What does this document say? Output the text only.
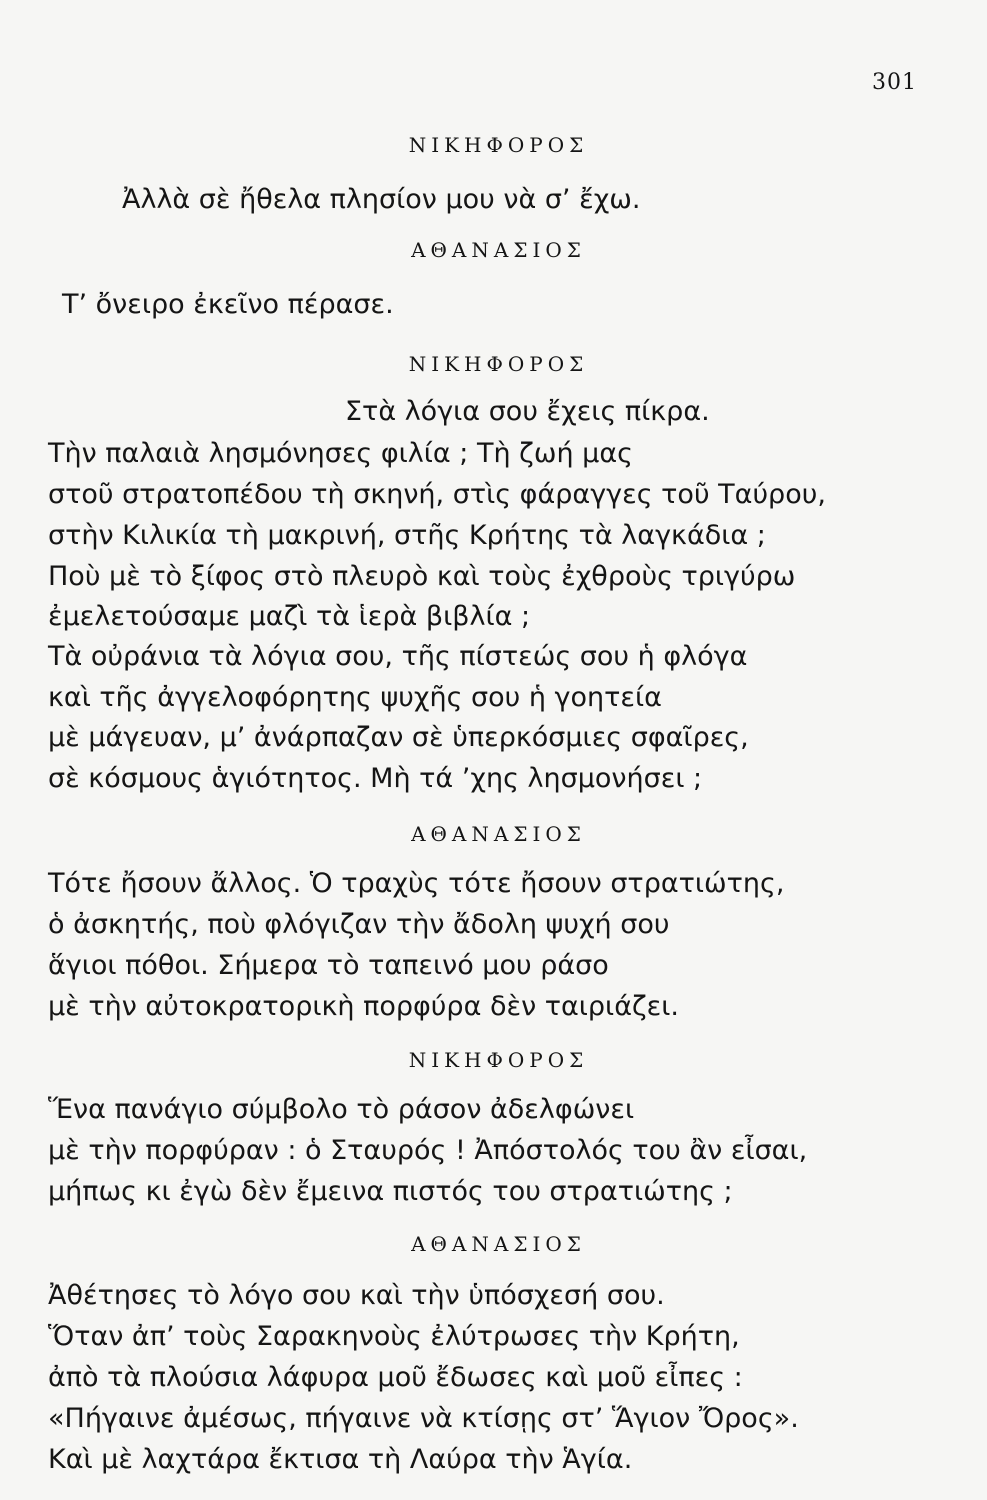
301
ΝΙΚΗΦΟΡΟΣ
Ἀλλὰ σὲ ἤθελα πλησίον μου νὰ σ’ ἔχω.
ΑΘΑΝΑΣΙΟΣ
Τ’ ὄνειρο ἐκεῖνο πέρασε.
ΝΙΚΗΦΟΡΟΣ
Στὰ λόγια σου ἔχεις πίκρα.
Τὴν παλαιὰ λησμόνησες φιλία ; Τὴ ζωή μας
στοῦ στρατοπέδου τὴ σκηνή, στὶς φάραγγες τοῦ Ταύρου,
στὴν Κιλικία τὴ μακρινή, στῆς Κρήτης τὰ λαγκάδια ;
Ποὺ μὲ τὸ ξίφος στὸ πλευρὸ καὶ τοὺς ἐχθροὺς τριγύρω
ἐμελετούσαμε μαζὶ τὰ ἱερὰ βιβλία ;
Τὰ οὐράνια τὰ λόγια σου, τῆς πίστεώς σου ἡ φλόγα
καὶ τῆς ἀγγελοφόρητης ψυχῆς σου ἡ γοητεία
μὲ μάγευαν, μ’ ἀνάρπαζαν σὲ ὑπερκόσμιες σφαῖρες,
σὲ κόσμους ἁγιότητος. Μὴ τά ’χης λησμονήσει ;
ΑΘΑΝΑΣΙΟΣ
Τότε ἤσουν ἄλλος. Ὁ τραχὺς τότε ἤσουν στρατιώτης,
ὁ ἀσκητής, ποὺ φλόγιζαν τὴν ἄδολη ψυχή σου
ἅγιοι πόθοι. Σήμερα τὸ ταπεινό μου ράσο
μὲ τὴν αὐτοκρατορικὴ πορφύρα δὲν ταιριάζει.
ΝΙΚΗΦΟΡΟΣ
Ἕνα πανάγιο σύμβολο τὸ ράσον ἀδελφώνει
μὲ τὴν πορφύραν : ὁ Σταυρός ! Ἀπόστολός του ἂν εἶσαι,
μήπως κι ἐγὼ δὲν ἔμεινα πιστός του στρατιώτης ;
ΑΘΑΝΑΣΙΟΣ
Ἀθέτησες τὸ λόγο σου καὶ τὴν ὑπόσχεσή σου.
Ὅταν ἀπ’ τοὺς Σαρακηνοὺς ἐλύτρωσες τὴν Κρήτη,
ἀπὸ τὰ πλούσια λάφυρα μοῦ ἔδωσες καὶ μοῦ εἶπες :
«Πήγαινε ἀμέσως, πήγαινε νὰ κτίσῃς στ’ Ἅγιον Ὄρος».
Καὶ μὲ λαχτάρα ἔκτισα τὴ Λαύρα τὴν Ἁγία.
